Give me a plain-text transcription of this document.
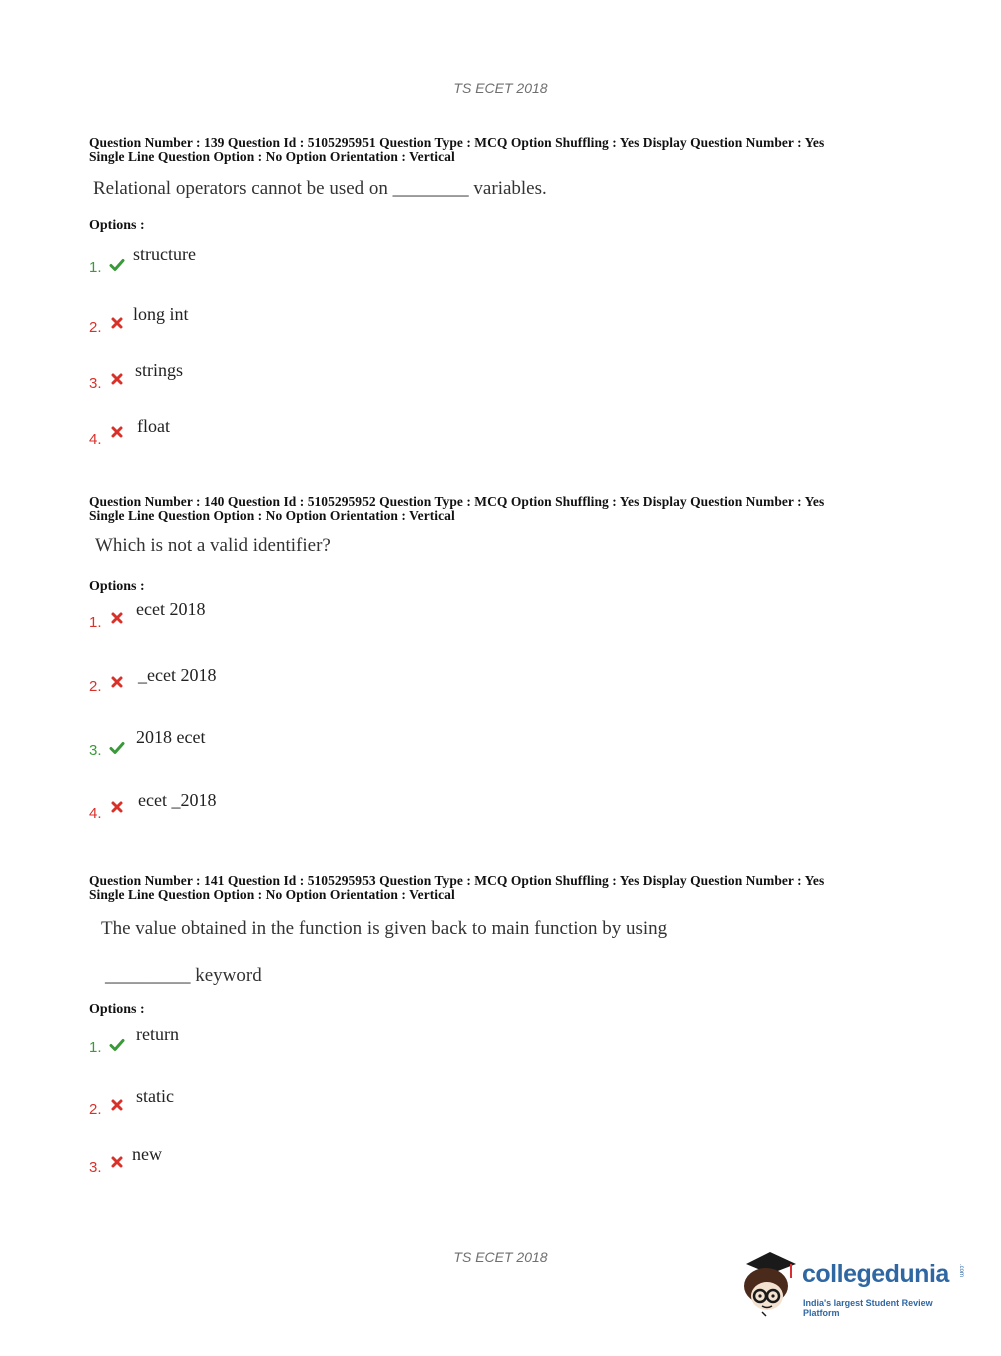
TS ECET 2018
Question Number : 139 Question Id : 5105295951 Question Type : MCQ Option Shuffling : Yes Display Question Number : Yes
Single Line Question Option : No Option Orientation : Vertical
Relational operators cannot be used on ________ variables.
Options :
1.
structure
2.
long int
3.
strings
4.
float
Question Number : 140 Question Id : 5105295952 Question Type : MCQ Option Shuffling : Yes Display Question Number : Yes
Single Line Question Option : No Option Orientation : Vertical
Which is not a valid identifier?
Options :
1.
ecet 2018
2.
_ecet 2018
3.
2018 ecet
4.
ecet _2018
Question Number : 141 Question Id : 5105295953 Question Type : MCQ Option Shuffling : Yes Display Question Number : Yes
Single Line Question Option : No Option Orientation : Vertical
The value obtained in the function is given back to main function by using
_________ keyword
Options :
1.
return
2.
static
3.
new
TS ECET 2018
collegedunia .com
India's largest Student Review Platform
